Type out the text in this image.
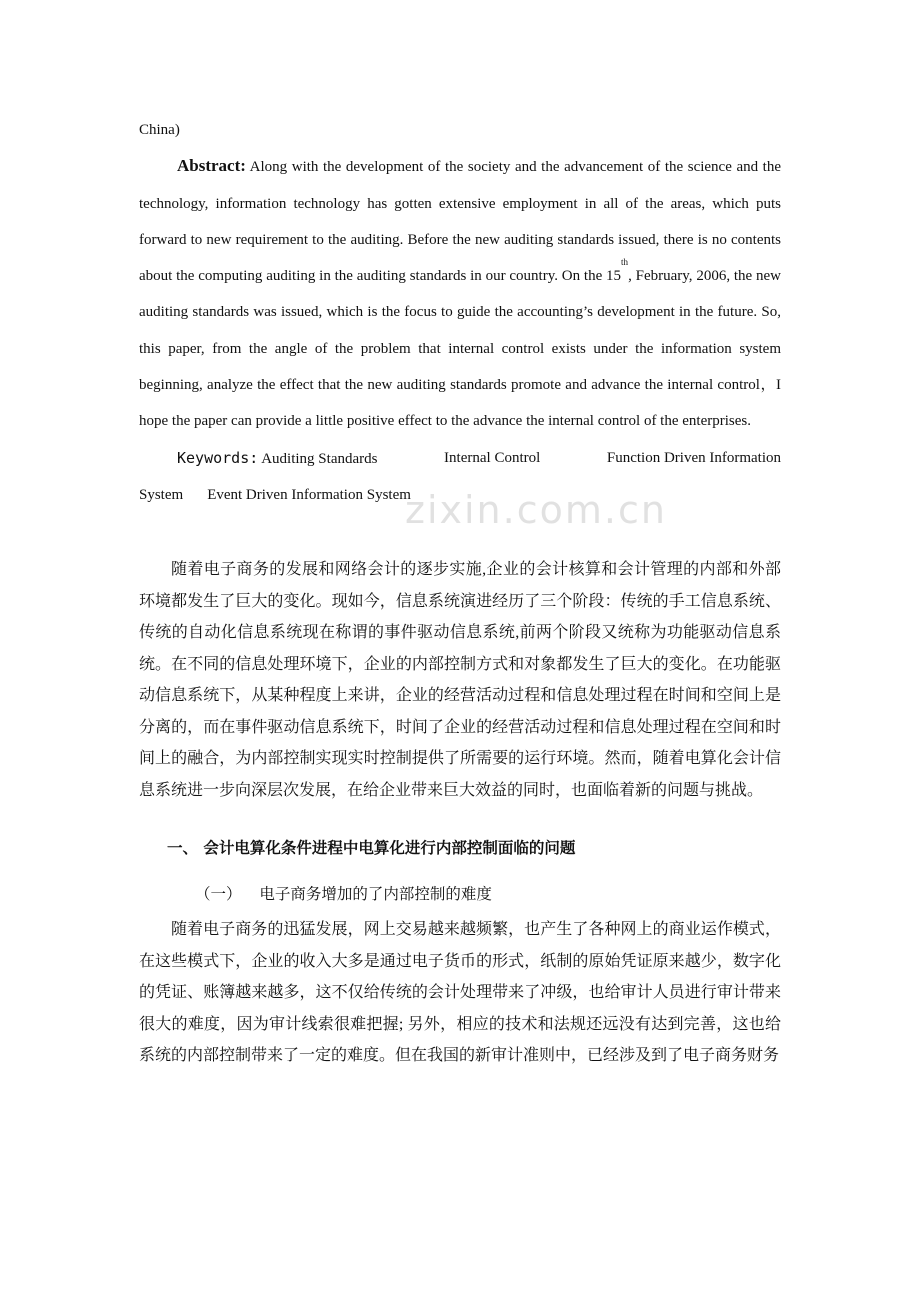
China)

Abstract: Along with the development of the society and the advancement of the science and the technology, information technology has gotten extensive employment in all of the areas, which puts forward to new requirement to the auditing. Before the new auditing standards issued, there is no contents about the computing auditing in the auditing standards in our country. On the 15th, February, 2006, the new auditing standards was issued, which is the focus to guide the accounting’s development in the future. So, this paper, from the angle of the problem that internal control exists under the information system beginning, analyze the effect that the new auditing standards promote and advance the internal control，I hope the paper can provide a little positive effect to the advance the internal control of the enterprises.

Keywords: Auditing Standards	Internal Control	Function Driven Information
System Event Driven Information System

随着电子商务的发展和网络会计的逐步实施,企业的会计核算和会计管理的内部和外部环境都发生了巨大的变化。现如今，信息系统演进经历了三个阶段：传统的手工信息系统、传统的自动化信息系统现在称谓的事件驱动信息系统,前两个阶段又统称为功能驱动信息系统。在不同的信息处理环境下，企业的内部控制方式和对象都发生了巨大的变化。在功能驱动信息系统下，从某种程度上来讲，企业的经营活动过程和信息处理过程在时间和空间上是分离的，而在事件驱动信息系统下，时间了企业的经营活动过程和信息处理过程在空间和时间上的融合，为内部控制实现实时控制提供了所需要的运行环境。然而，随着电算化会计信息系统进一步向深层次发展，在给企业带来巨大效益的同时，也面临着新的问题与挑战。

一、 会计电算化条件进程中电算化进行内部控制面临的问题
（一） 电子商务增加的了内部控制的难度

随着电子商务的迅猛发展，网上交易越来越频繁，也产生了各种网上的商业运作模式，在这些模式下，企业的收入大多是通过电子货币的形式，纸制的原始凭证原来越少，数字化的凭证、账簿越来越多，这不仅给传统的会计处理带来了冲级，也给审计人员进行审计带来很大的难度，因为审计线索很难把握; 另外，相应的技术和法规还远没有达到完善，这也给系统的内部控制带来了一定的难度。但在我国的新审计准则中，已经涉及到了电子商务财务

zixin.com.cn
